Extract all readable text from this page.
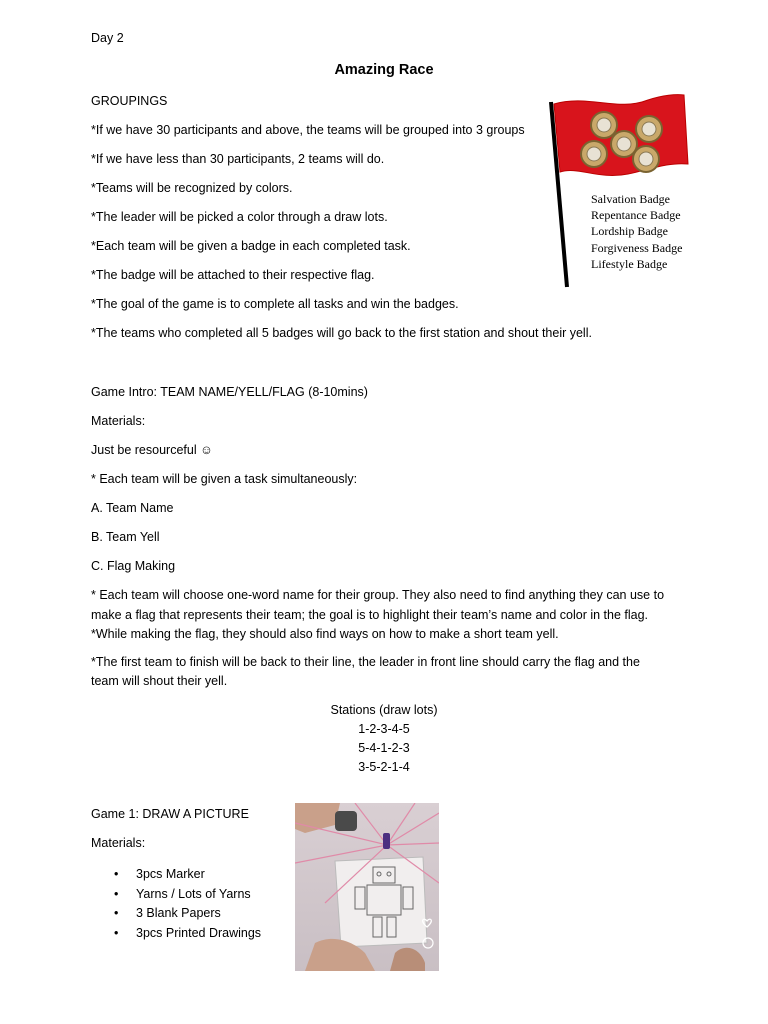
Day 2
Amazing Race
GROUPINGS
*If we have 30 participants and above, the teams will be grouped into 3 groups
*If we have less than 30 participants, 2 teams will do.
*Teams will be recognized by colors.
*The leader will be picked a color through a draw lots.
*Each team will be given a badge in each completed task.
*The badge will be attached to their respective flag.
*The goal of the game is to complete all tasks and win the badges.
*The teams who completed all 5 badges will go back to the first station and shout their yell.
Salvation Badge
Repentance Badge
Lordship Badge
Forgiveness Badge
Lifestyle Badge
Game Intro: TEAM NAME/YELL/FLAG (8-10mins)
Materials:
Just be resourceful ☺
* Each team will be given a task simultaneously:
A. Team Name
B. Team Yell
C. Flag Making
* Each team will choose one-word name for their group. They also need to find anything they can use to
make a flag that represents their team; the goal is to highlight their team’s name and color in the flag.
*While making the flag, they should also find ways on how to make a short team yell.
*The first team to finish will be back to their line, the leader in front line should carry the flag and the
team will shout their yell.
Stations (draw lots)
1-2-3-4-5
5-4-1-2-3
3-5-2-1-4
Game 1: DRAW A PICTURE
Materials:
• 3pcs Marker
• Yarns / Lots of Yarns
• 3 Blank Papers
• 3pcs Printed Drawings
